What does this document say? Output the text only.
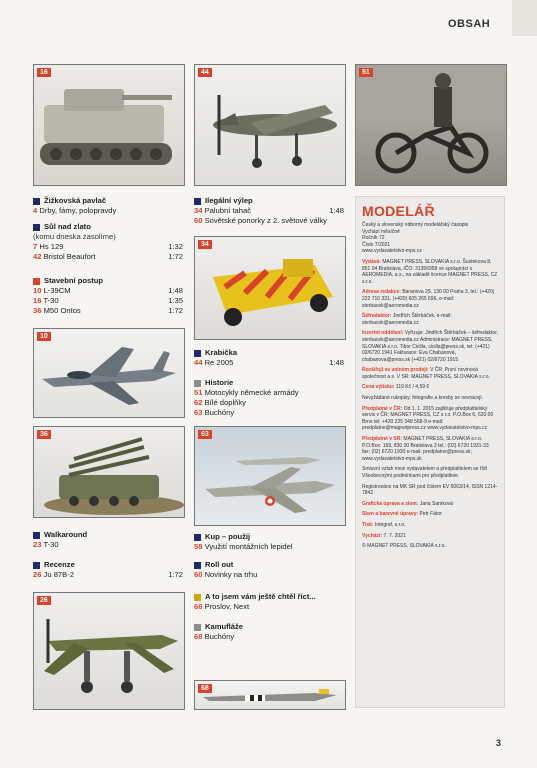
OBSAH
16	44	51
10
34
36	63
26
68
Žižkovská pavlač
4 Drby, fámy, polopravdy
Sůl nad zlato
(komu dneska zasolíme)
7 Hs 129	1:32
42 Bristol Beaufort	1:72
Stavební postup
10 L-39CM	1:48
16 T-30	1:35
36 M50 Ontos	1:72
Walkaround
23 T-30
Recenze
26 Ju 87B-2	1:72
Ilegální výlep
34 Palubní tahač	1:48
60 Sovětské ponorky z 2. světové války
Krabička
44 Re 2005	1:48
Historie
51 Motocykly německé armády
62 Bílé doplňky
63 Buchóny
Kup – použij
58 Využití montážních lepidel
Roll out
60 Novinky na trhu
A to jsem vám ještě chtěl říct...
66 Proslov, Next
Kamufláže
68 Buchóny
MODELÁŘ
Český a slovenský odborný modelářský časopis
Vychází měsíčně
Ročník 72
Číslo 7/2021
www.vydavatelstvo-mps.cz
Vydává: MAGNET PRESS, SLOVAKIA s.r.o. Šustekova 8, 851 04 Bratislava, IČO: 31356958 ve spolupráci s AEROMEDIA, a.s., na základě licence MAGNET PRESS, CZ s.r.o.
Adresa redakce: Baranova 29, 130 00 Praha 3, tel.: (+420) 222 710 331, (+420) 605 265 696, e-mail: sterbacek@aeromedia.cz
Šéfredaktor: Jindřich Štěrbáček, e-mail: sterbacek@aeromedia.cz
Inzertní oddělení: Vyřizuje: Jindřich Štěrbáček – šéfredaktor, sterbacek@aeromedia.cz Administrace: MAGNET PRESS, SLOVAKIA s.r.o. Tibor Cicilla, cicilla@press.sk, tel: (+421) 02/6720 1941 Fakturace: Eva Chabanová, chabanova@press.sk (+421) 02/6720 1915
Rozšiřují ve volném prodeji: V ČR: První novinová společnost a.s. V SR: MAGNET PRESS, SLOVAKIA s.r.o.
Cena výtisku: 119 Kč / 4,59 €
Nevyžádané rukopisy, fotografie a kresby se nevracejí.
Předplatné v ČR: Od 1. 1. 2015 zajišťuje předplatitelský servis v ČR: MAGNET PRESS, CZ s.r.o. P.O.Box 6, 620 00 Brno tel: +420 225 348 568-9 e-mail: predplatne@magnetpress.cz www.vydavatelstvo-mps.cz
Předplatné v SR: MAGNET PRESS, SLOVAKIA s.r.o. P.O.Box: 169, 830 00 Bratislava 3 tel.: (02) 6720 1931-33 fax: (02) 6720 1930 e-mail: predplatne@press.sk; www.vydavatelstvo-mps.sk
Smluvní vztah mezi vydavatelem a předplatitelem se řídí Všeobecnými podmínkami pro předplatitele.
Registrováno na MK SR pod číslem EV 5063/14, ISSN 1214-7842
Grafická úprava a zlom: Jana Samková
Sken a barevné úpravy: Petr Fátor
Tisk: Integraf, s.r.o.
Vychází: 7. 7. 2021
© MAGNET PRESS, SLOVAKIA s.r.o.
3
